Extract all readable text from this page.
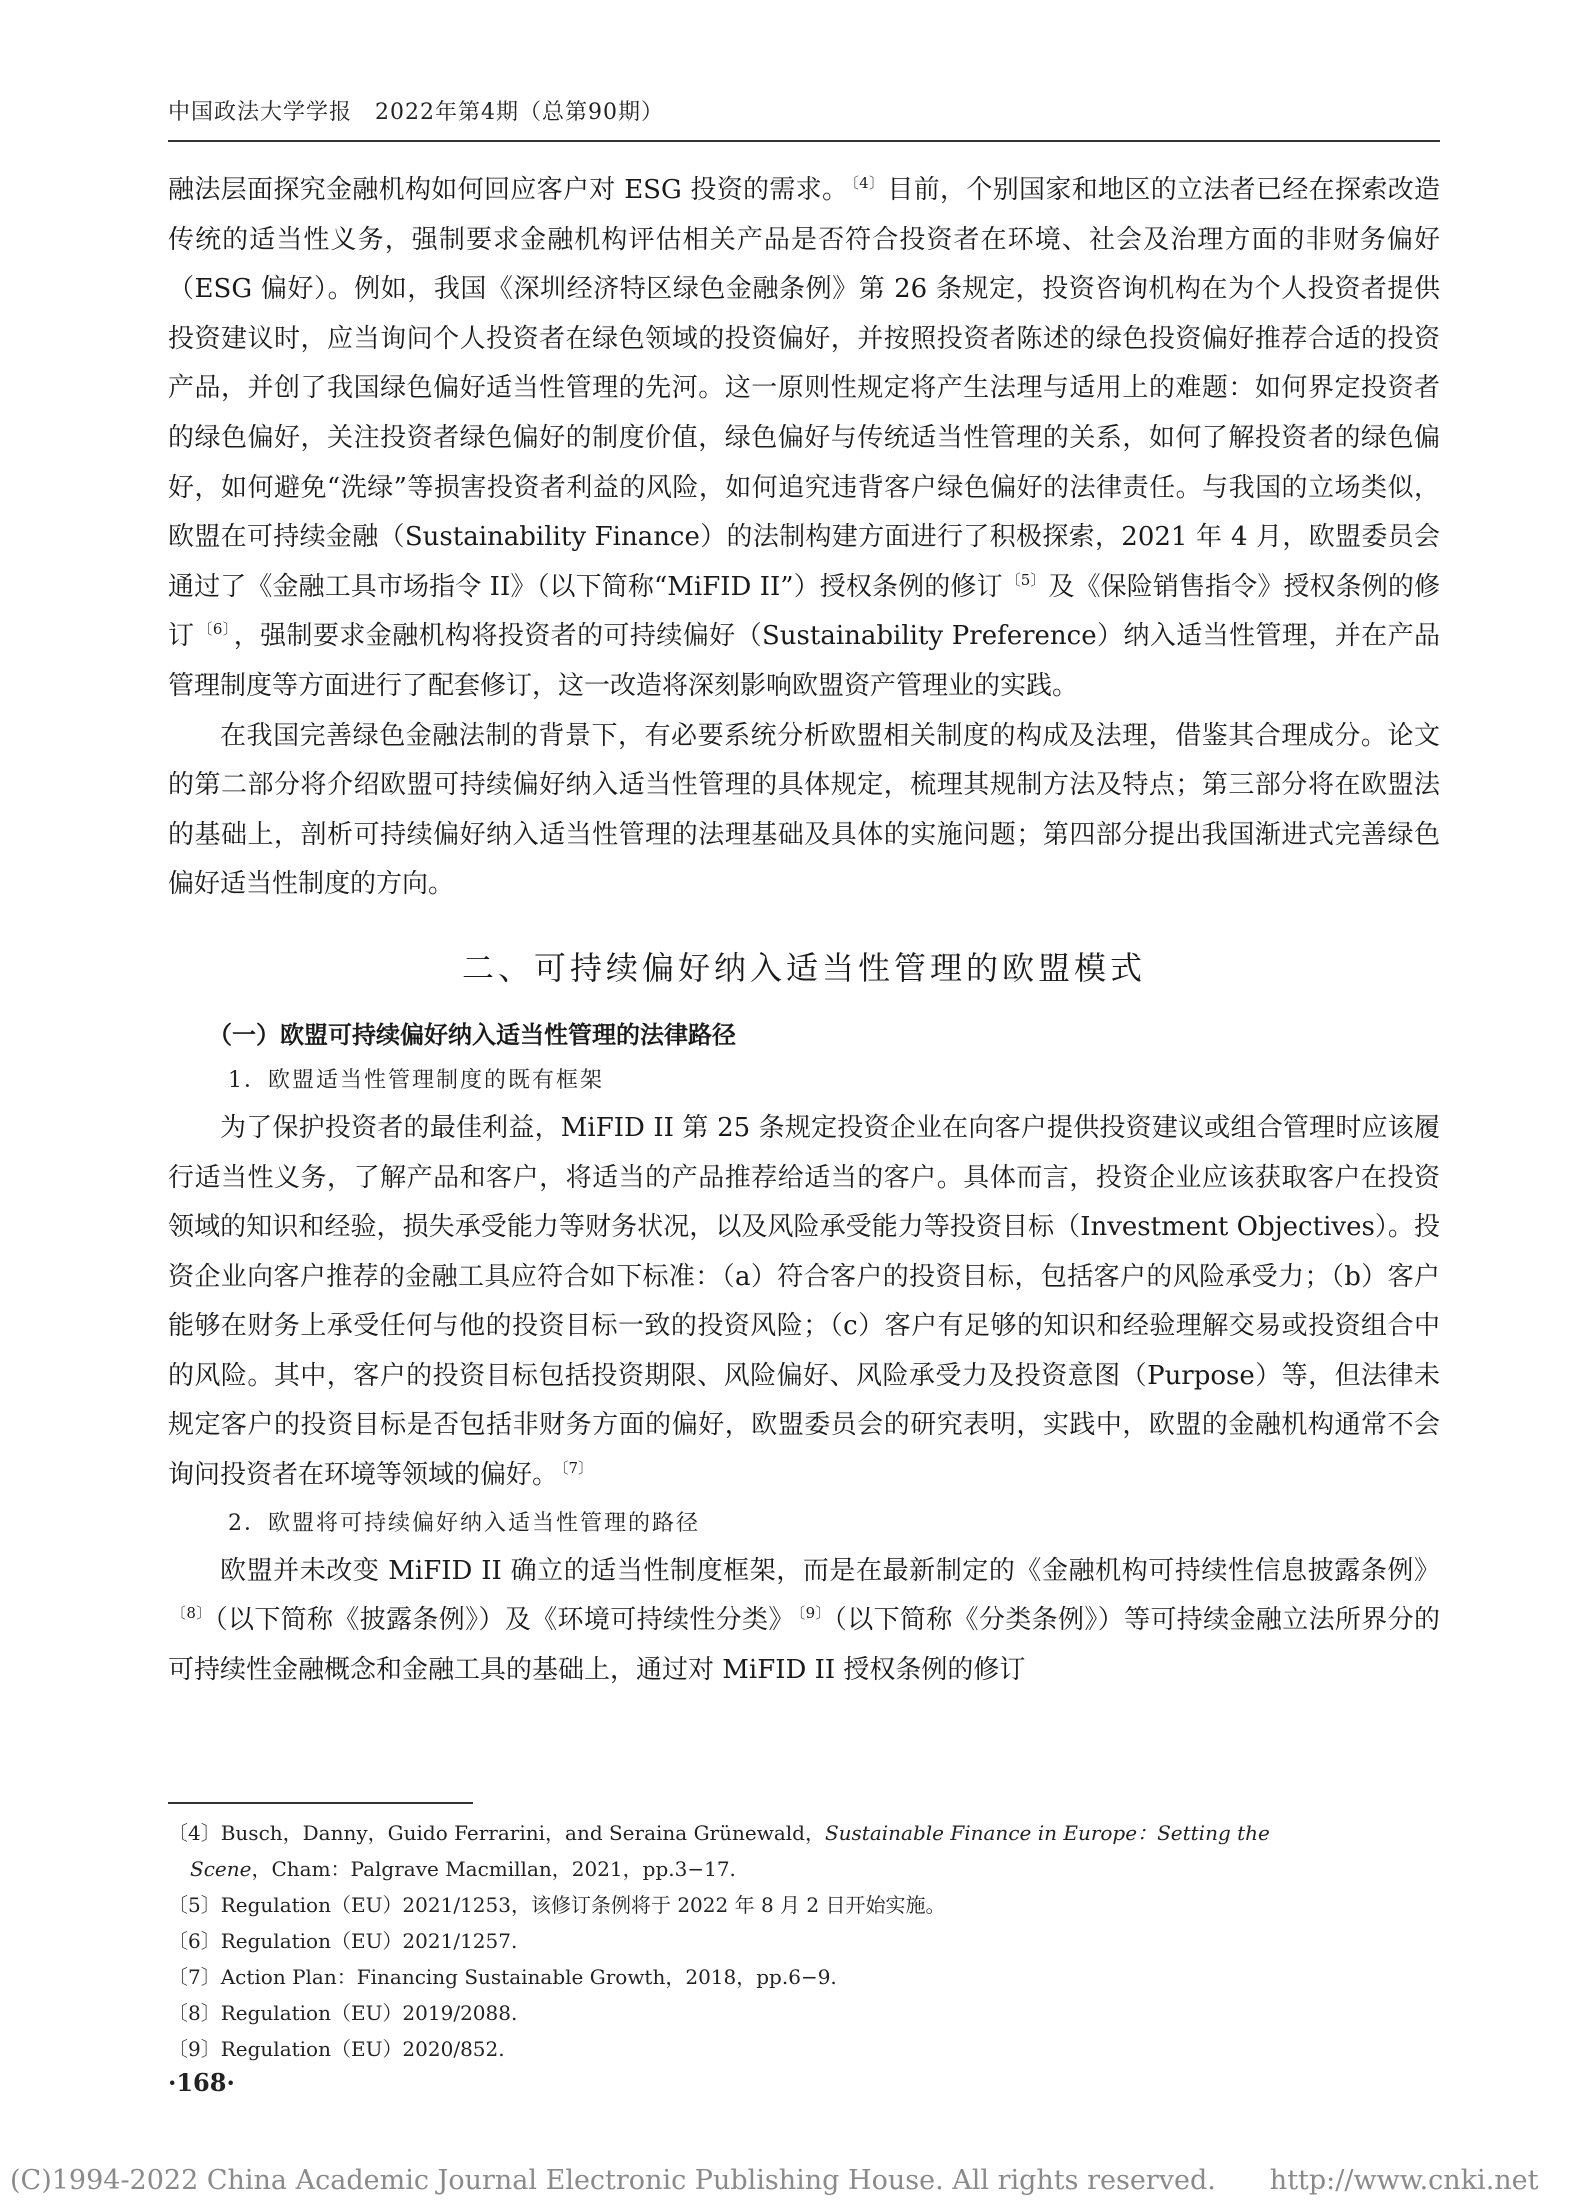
中国政法大学学报　2022年第4期（总第90期）

融法层面探究金融机构如何回应客户对 ESG 投资的需求。 $^{〔4〕}$ 目前，个别国家和地区的立法者已经在探索改造传统的适当性义务，强制要求金融机构评估相关产品是否符合投资者在环境、社会及治理方面的非财务偏好（ESG 偏好）。例如，我国《深圳经济特区绿色金融条例》第 26 条规定，投资咨询机构在为个人投资者提供投资建议时，应当询问个人投资者在绿色领域的投资偏好，并按照投资者陈述的绿色投资偏好推荐合适的投资产品，并创了我国绿色偏好适当性管理的先河。这一原则性规定将产生法理与适用上的难题：如何界定投资者的绿色偏好，关注投资者绿色偏好的制度价值，绿色偏好与传统适当性管理的关系，如何了解投资者的绿色偏好，如何避免“洗绿”等损害投资者利益的风险，如何追究违背客户绿色偏好的法律责任。与我国的立场类似，欧盟在可持续金融（Sustainability Finance）的法制构建方面进行了积极探索，2021 年 4 月，欧盟委员会通过了《金融工具市场指令 II》（以下简称“MiFID II”）授权条例的修订 $^{〔5〕}$ 及《保险销售指令》授权条例的修订 $^{〔6〕}$ ，强制要求金融机构将投资者的可持续偏好（Sustainability Preference）纳入适当性管理，并在产品管理制度等方面进行了配套修订，这一改造将深刻影响欧盟资产管理业的实践。

在我国完善绿色金融法制的背景下，有必要系统分析欧盟相关制度的构成及法理，借鉴其合理成分。论文的第二部分将介绍欧盟可持续偏好纳入适当性管理的具体规定，梳理其规制方法及特点；第三部分将在欧盟法的基础上，剖析可持续偏好纳入适当性管理的法理基础及具体的实施问题；第四部分提出我国渐进式完善绿色偏好适当性制度的方向。

二、可持续偏好纳入适当性管理的欧盟模式
（一）欧盟可持续偏好纳入适当性管理的法律路径
1．欧盟适当性管理制度的既有框架

为了保护投资者的最佳利益，MiFID II 第 25 条规定投资企业在向客户提供投资建议或组合管理时应该履行适当性义务，了解产品和客户，将适当的产品推荐给适当的客户。具体而言，投资企业应该获取客户在投资领域的知识和经验，损失承受能力等财务状况，以及风险承受能力等投资目标（Investment Objectives）。投资企业向客户推荐的金融工具应符合如下标准：（a）符合客户的投资目标，包括客户的风险承受力；（b）客户能够在财务上承受任何与他的投资目标一致的投资风险；（c）客户有足够的知识和经验理解交易或投资组合中的风险。其中，客户的投资目标包括投资期限、风险偏好、风险承受力及投资意图（Purpose）等，但法律未规定客户的投资目标是否包括非财务方面的偏好，欧盟委员会的研究表明，实践中，欧盟的金融机构通常不会询问投资者在环境等领域的偏好。 $^{〔7〕}$

2．欧盟将可持续偏好纳入适当性管理的路径

欧盟并未改变 MiFID II 确立的适当性制度框架，而是在最新制定的《金融机构可持续性信息披露条例》$^{〔8〕}$ （以下简称《披露条例》）及《环境可持续性分类》 $^{〔9〕}$ （以下简称《分类条例》）等可持续金融立法所界分的可持续性金融概念和金融工具的基础上，通过对 MiFID II 授权条例的修订

〔4〕Busch，Danny，Guido Ferrarini，and Seraina Grünewald，Sustainable Finance in Europe：Setting the

Scene，Cham：Palgrave Macmillan，2021，pp.3−17.

〔5〕Regulation（EU）2021/1253，该修订条例将于 2022 年 8 月 2 日开始实施。

〔6〕Regulation（EU）2021/1257.

〔7〕Action Plan：Financing Sustainable Growth，2018，pp.6−9.

〔8〕Regulation（EU）2019/2088.

〔9〕Regulation（EU）2020/852.

·168·
(C)1994-2022 China Academic Journal Electronic Publishing House. All rights reserved.　　http://www.cnki.net
